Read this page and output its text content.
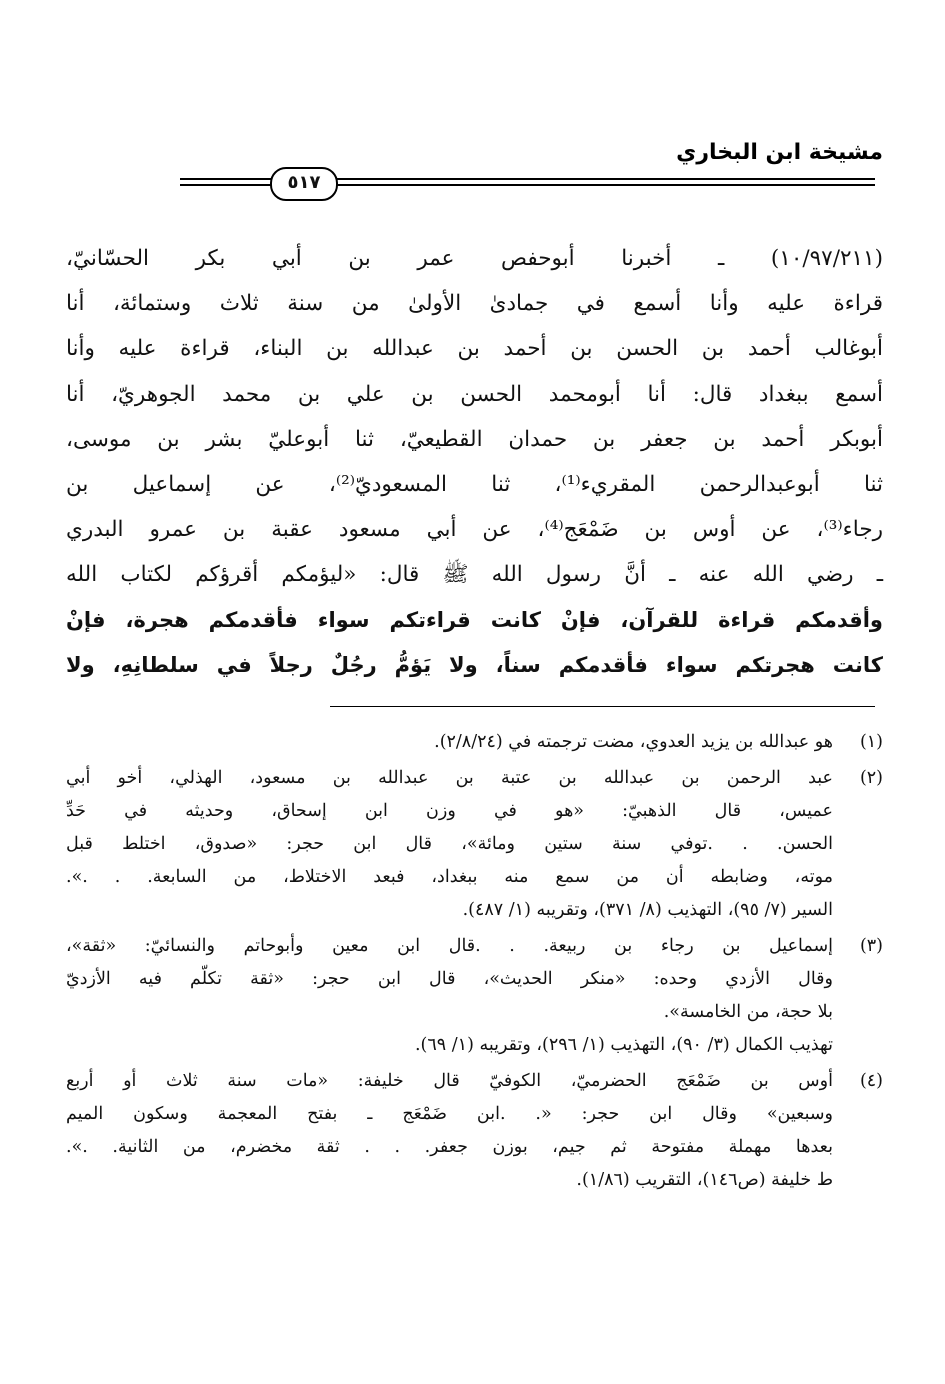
مشيخة ابن البخاري
٥١٧

(١٠/٩٧/٢١١) ـ أخبرنا أبوحفص عمر بن أبي بكر الحسّانيّ،

قراءة عليه وأنا أسمع في جمادىٰ الأولىٰ من سنة ثلاث وستمائة، أنا

أبوغالب أحمد بن الحسن بن أحمد بن عبدالله بن البناء، قراءة عليه وأنا

أسمع ببغداد قال: أنا أبومحمد الحسن بن علي بن محمد الجوهريّ، أنا

أبوبكر أحمد بن جعفر بن حمدان القطيعيّ، ثنا أبوعليّ بشر بن موسى،

ثنا أبوعبدالرحمن المقريء⁽¹⁾، ثنا المسعوديّ⁽²⁾، عن إسماعيل بن

رجاء⁽³⁾، عن أوس بن ضَمْعَج⁽⁴⁾، عن أبي مسعود عقبة بن عمرو البدري

ـ رضي الله عنه ـ أنَّ رسول الله ﷺ قال: «ليؤمكم أقرؤكم لكتاب الله

وأقدمكم قراءة للقرآن، فإنْ كانت قراءتكم سواء فأقدمكم هجرة، فإنْ

كانت هجرتكم سواء فأقدمكم سناً، ولا يَؤمُّ رجُلٌ رجلاً في سلطانِهِ، ولا

(١)
هو عبدالله بن يزيد العدوي، مضت ترجمته في (٢/٨/٢٤).
(٢)
عبد الرحمن بن عبدالله بن عتبة بن عبدالله بن مسعود، الهذلي، أخو أبي
عميس، قال الذهبيّ: «هو في وزن ابن إسحاق، وحديثه في حَدِّ
الحسن. . .توفي سنة ستين ومائة»، قال ابن حجر: «صدوق، اختلط قبل
موته، وضابطه أن من سمع منه ببغداد، فبعد الاختلاط، من السابعة. . .».
السير (٧/ ٩٥)، التهذيب (٨/ ٣٧١)، وتقريبه (١/ ٤٨٧).
(٣)
إسماعيل بن رجاء بن ربيعة. . .قال ابن معين وأبوحاتم والنسائيّ: «ثقة»،
وقال الأزدي وحده: «منكر الحديث»، قال ابن حجر: «ثقة تكلّم فيه الأزديّ
بلا حجة، من الخامسة».
تهذيب الكمال (٣/ ٩٠)، التهذيب (١/ ٢٩٦)، وتقريبه (١/ ٦٩).
(٤)
أوس بن ضَمْعَج الحضرميّ، الكوفيّ قال خليفة: «مات سنة ثلاث أو أربع
وسبعين» وقال ابن حجر: «. .ابن ضَمْعَج ـ بفتح المعجمة وسكون الميم
بعدها مهملة مفتوحة ثم جيم، بوزن جعفر. . . ثقة مخضرم، من الثانية. .».
ط خليفة (ص١٤٦)، التقريب (١/٨٦).
